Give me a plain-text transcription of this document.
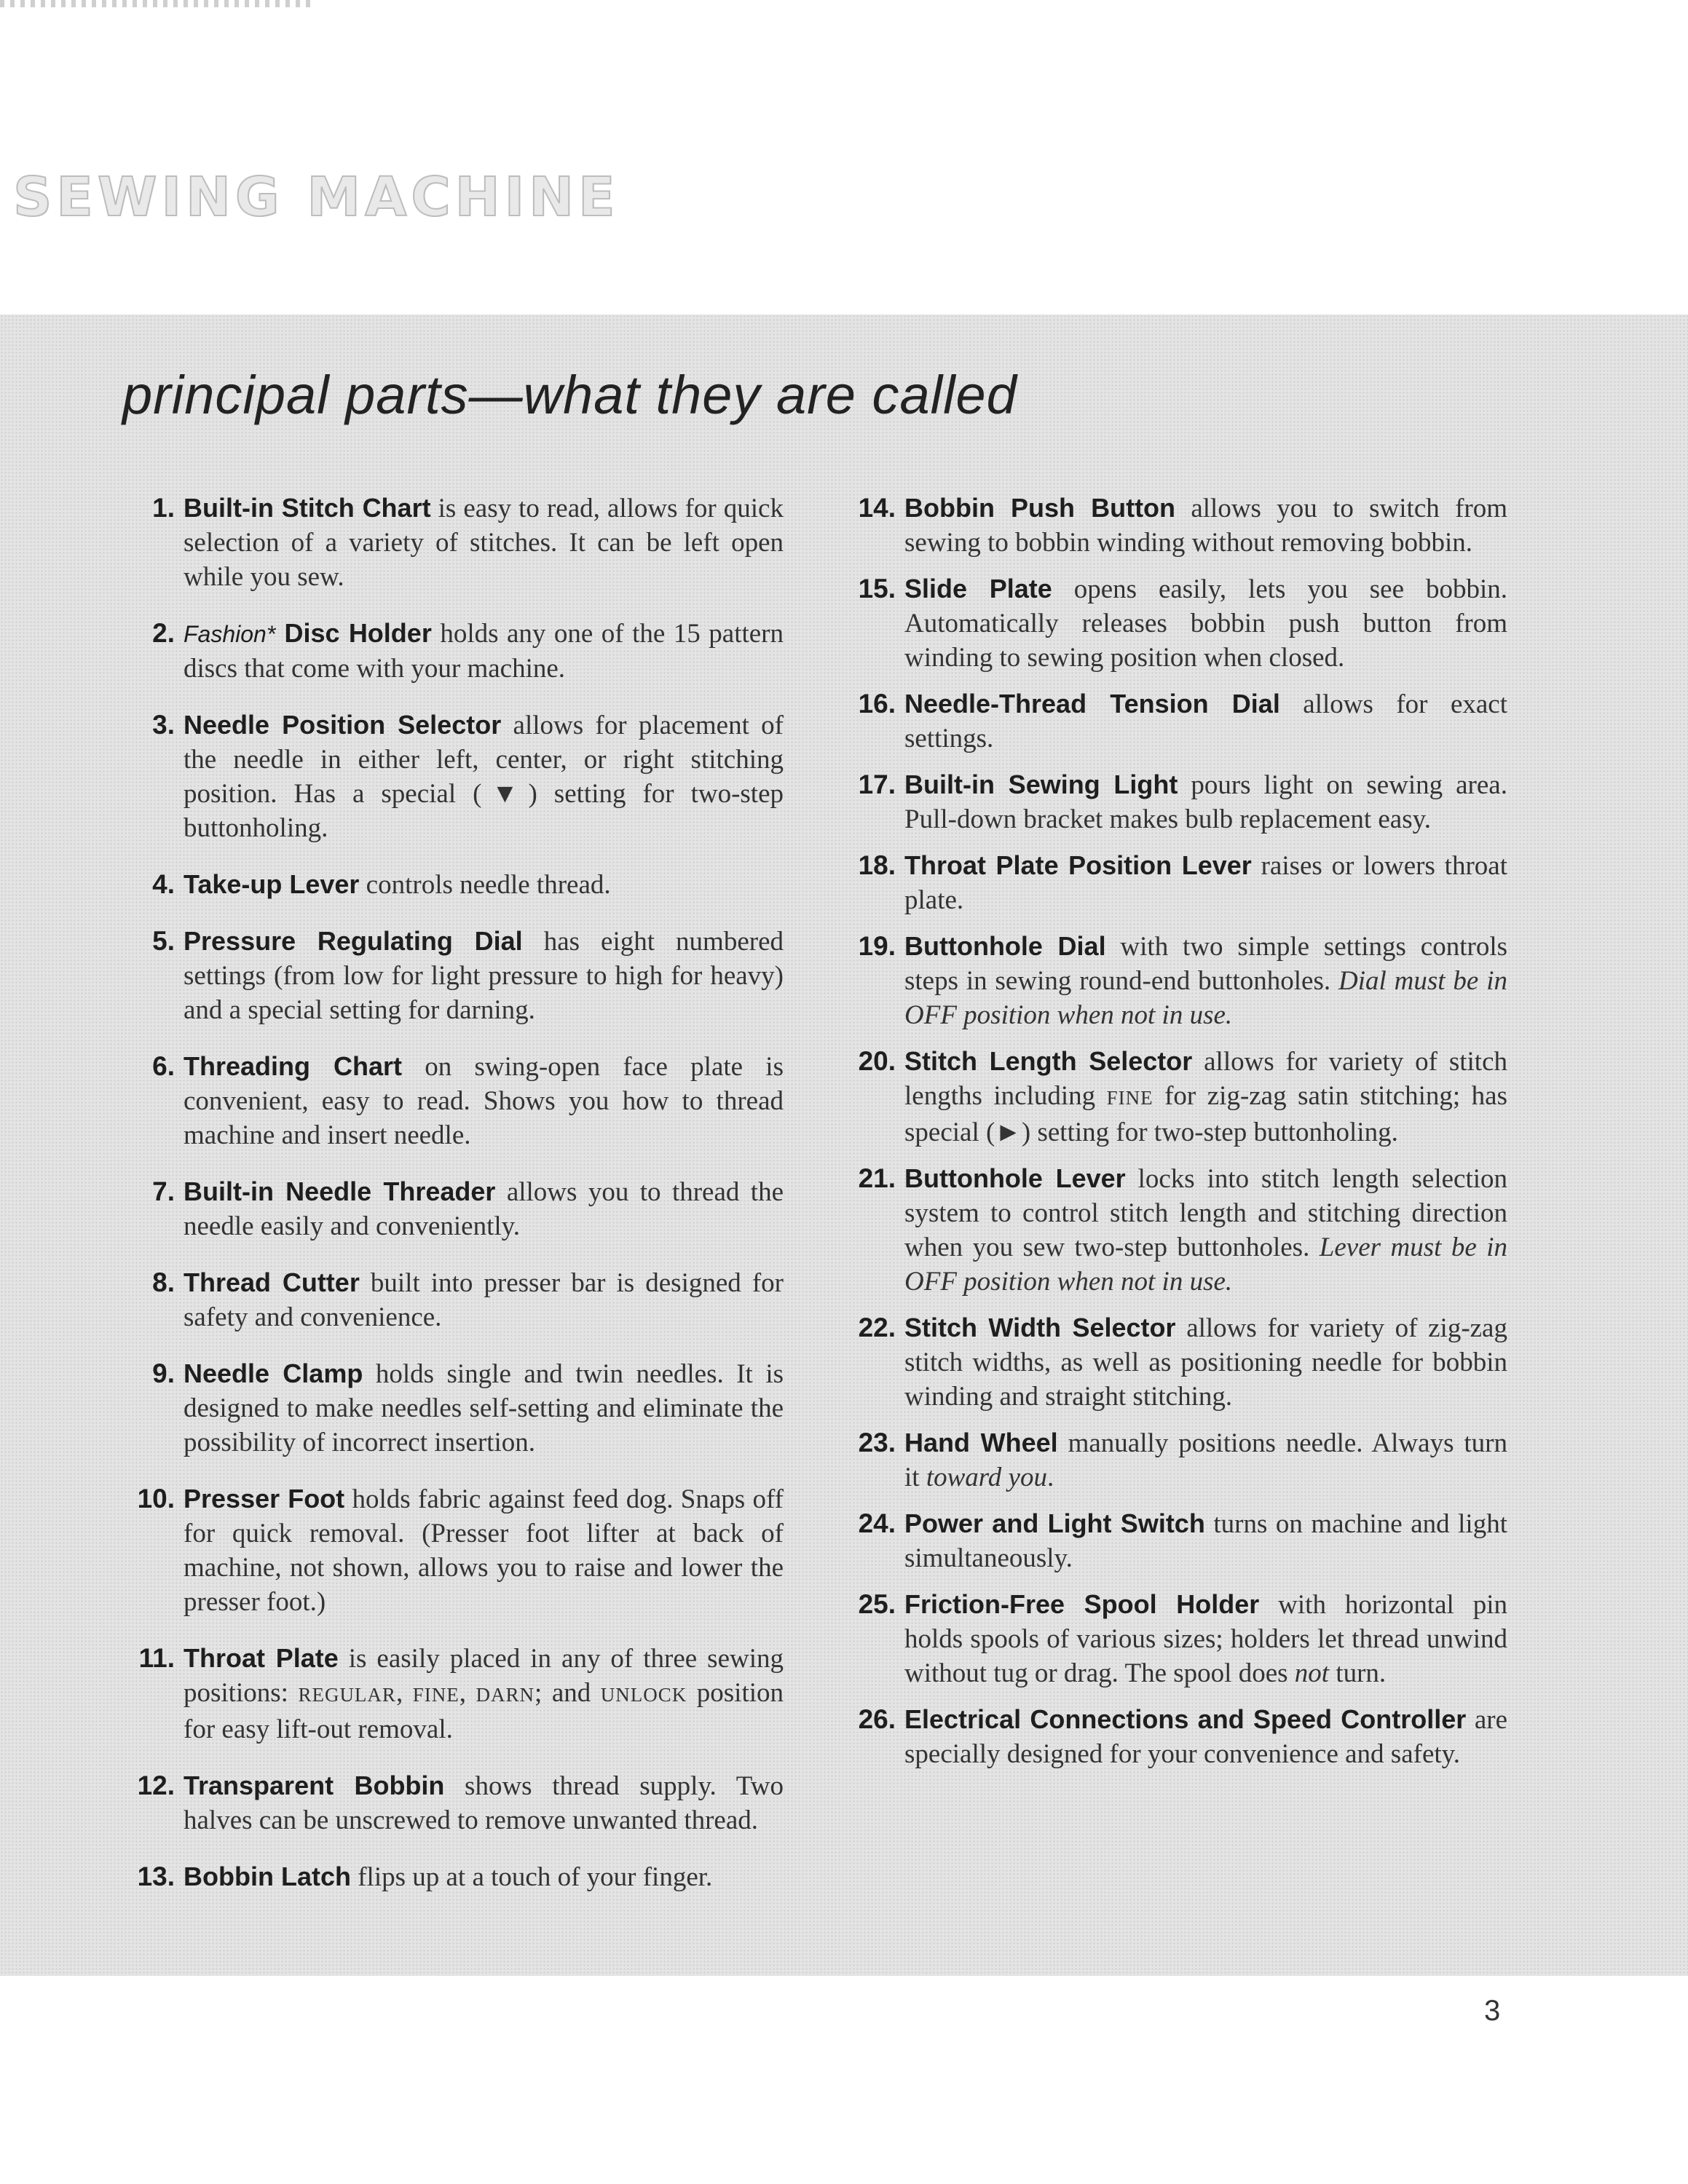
SEWING MACHINE
principal parts—what they are called
1. Built-in Stitch Chart is easy to read, allows for quick selection of a variety of stitches. It can be left open while you sew.
2. Fashion* Disc Holder holds any one of the 15 pattern discs that come with your machine.
3. Needle Position Selector allows for placement of the needle in either left, center, or right stitching position. Has a special (▼) setting for two-step buttonholing.
4. Take-up Lever controls needle thread.
5. Pressure Regulating Dial has eight numbered settings (from low for light pressure to high for heavy) and a special setting for darning.
6. Threading Chart on swing-open face plate is convenient, easy to read. Shows you how to thread machine and insert needle.
7. Built-in Needle Threader allows you to thread the needle easily and conveniently.
8. Thread Cutter built into presser bar is designed for safety and convenience.
9. Needle Clamp holds single and twin needles. It is designed to make needles self-setting and eliminate the possibility of incorrect insertion.
10. Presser Foot holds fabric against feed dog. Snaps off for quick removal. (Presser foot lifter at back of machine, not shown, allows you to raise and lower the presser foot.)
11. Throat Plate is easily placed in any of three sewing positions: REGULAR, FINE, DARN; and UNLOCK position for easy lift-out removal.
12. Transparent Bobbin shows thread supply. Two halves can be unscrewed to remove unwanted thread.
13. Bobbin Latch flips up at a touch of your finger.
14. Bobbin Push Button allows you to switch from sewing to bobbin winding without removing bobbin.
15. Slide Plate opens easily, lets you see bobbin. Automatically releases bobbin push button from winding to sewing position when closed.
16. Needle-Thread Tension Dial allows for exact settings.
17. Built-in Sewing Light pours light on sewing area. Pull-down bracket makes bulb replacement easy.
18. Throat Plate Position Lever raises or lowers throat plate.
19. Buttonhole Dial with two simple settings controls steps in sewing round-end buttonholes. Dial must be in OFF position when not in use.
20. Stitch Length Selector allows for variety of stitch lengths including FINE for zig-zag satin stitching; has special (►) setting for two-step buttonholing.
21. Buttonhole Lever locks into stitch length selection system to control stitch length and stitching direction when you sew two-step buttonholes. Lever must be in OFF position when not in use.
22. Stitch Width Selector allows for variety of zig-zag stitch widths, as well as positioning needle for bobbin winding and straight stitching.
23. Hand Wheel manually positions needle. Always turn it toward you.
24. Power and Light Switch turns on machine and light simultaneously.
25. Friction-Free Spool Holder with horizontal pin holds spools of various sizes; holders let thread unwind without tug or drag. The spool does not turn.
26. Electrical Connections and Speed Controller are specially designed for your convenience and safety.
3
